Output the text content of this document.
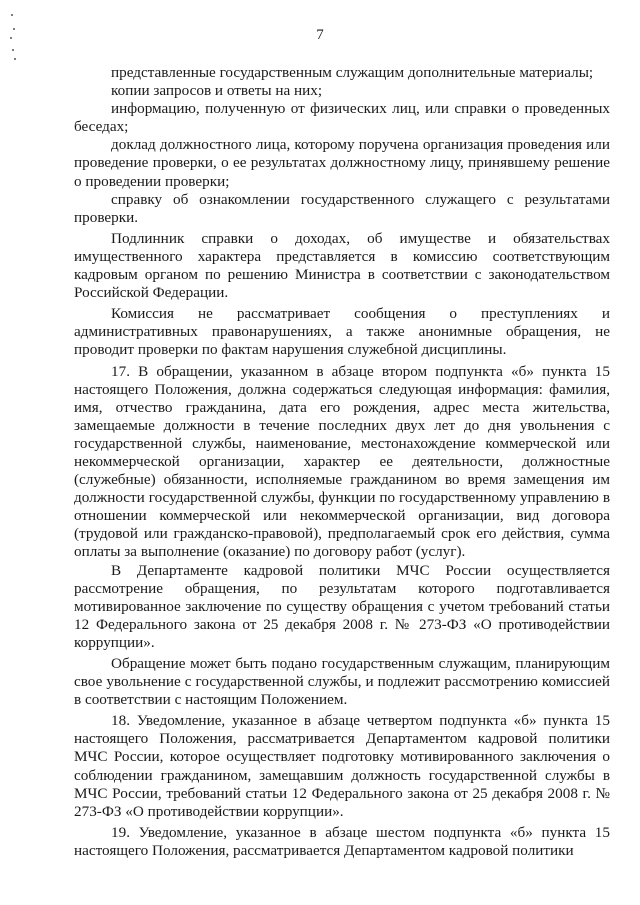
7

представленные государственным служащим дополнительные материалы;

копии запросов и ответы на них;

информацию, полученную от физических лиц, или справки о проведенных беседах;

доклад должностного лица, которому поручена организация проведения или проведение проверки, о ее результатах должностному лицу, принявшему решение о проведении проверки;

справку об ознакомлении государственного служащего с результатами проверки.

Подлинник справки о доходах, об имуществе и обязательствах имущественного характера представляется в комиссию соответствующим кадровым органом по решению Министра в соответствии с законодательством Российской Федерации.

Комиссия не рассматривает сообщения о преступлениях и административных правонарушениях, а также анонимные обращения, не проводит проверки по фактам нарушения служебной дисциплины.

17. В обращении, указанном в абзаце втором подпункта «б» пункта 15 настоящего Положения, должна содержаться следующая информация: фамилия, имя, отчество гражданина, дата его рождения, адрес места жительства, замещаемые должности в течение последних двух лет до дня увольнения с государственной службы, наименование, местонахождение коммерческой или некоммерческой организации, характер ее деятельности, должностные (служебные) обязанности, исполняемые гражданином во время замещения им должности государственной службы, функции по государственному управлению в отношении коммерческой или некоммерческой организации, вид договора (трудовой или гражданско-правовой), предполагаемый срок его действия, сумма оплаты за выполнение (оказание) по договору работ (услуг).

В Департаменте кадровой политики МЧС России осуществляется рассмотрение обращения, по результатам которого подготавливается мотивированное заключение по существу обращения с учетом требований статьи 12 Федерального закона от 25 декабря 2008 г. № 273-ФЗ «О противодействии коррупции».

Обращение может быть подано государственным служащим, планирующим свое увольнение с государственной службы, и подлежит рассмотрению комиссией в соответствии с настоящим Положением.

18. Уведомление, указанное в абзаце четвертом подпункта «б» пункта 15 настоящего Положения, рассматривается Департаментом кадровой политики МЧС России, которое осуществляет подготовку мотивированного заключения о соблюдении гражданином, замещавшим должность государственной службы в МЧС России, требований статьи 12 Федерального закона от 25 декабря 2008 г. № 273-ФЗ «О противодействии коррупции».

19. Уведомление, указанное в абзаце шестом подпункта «б» пункта 15 настоящего Положения, рассматривается Департаментом кадровой политики
